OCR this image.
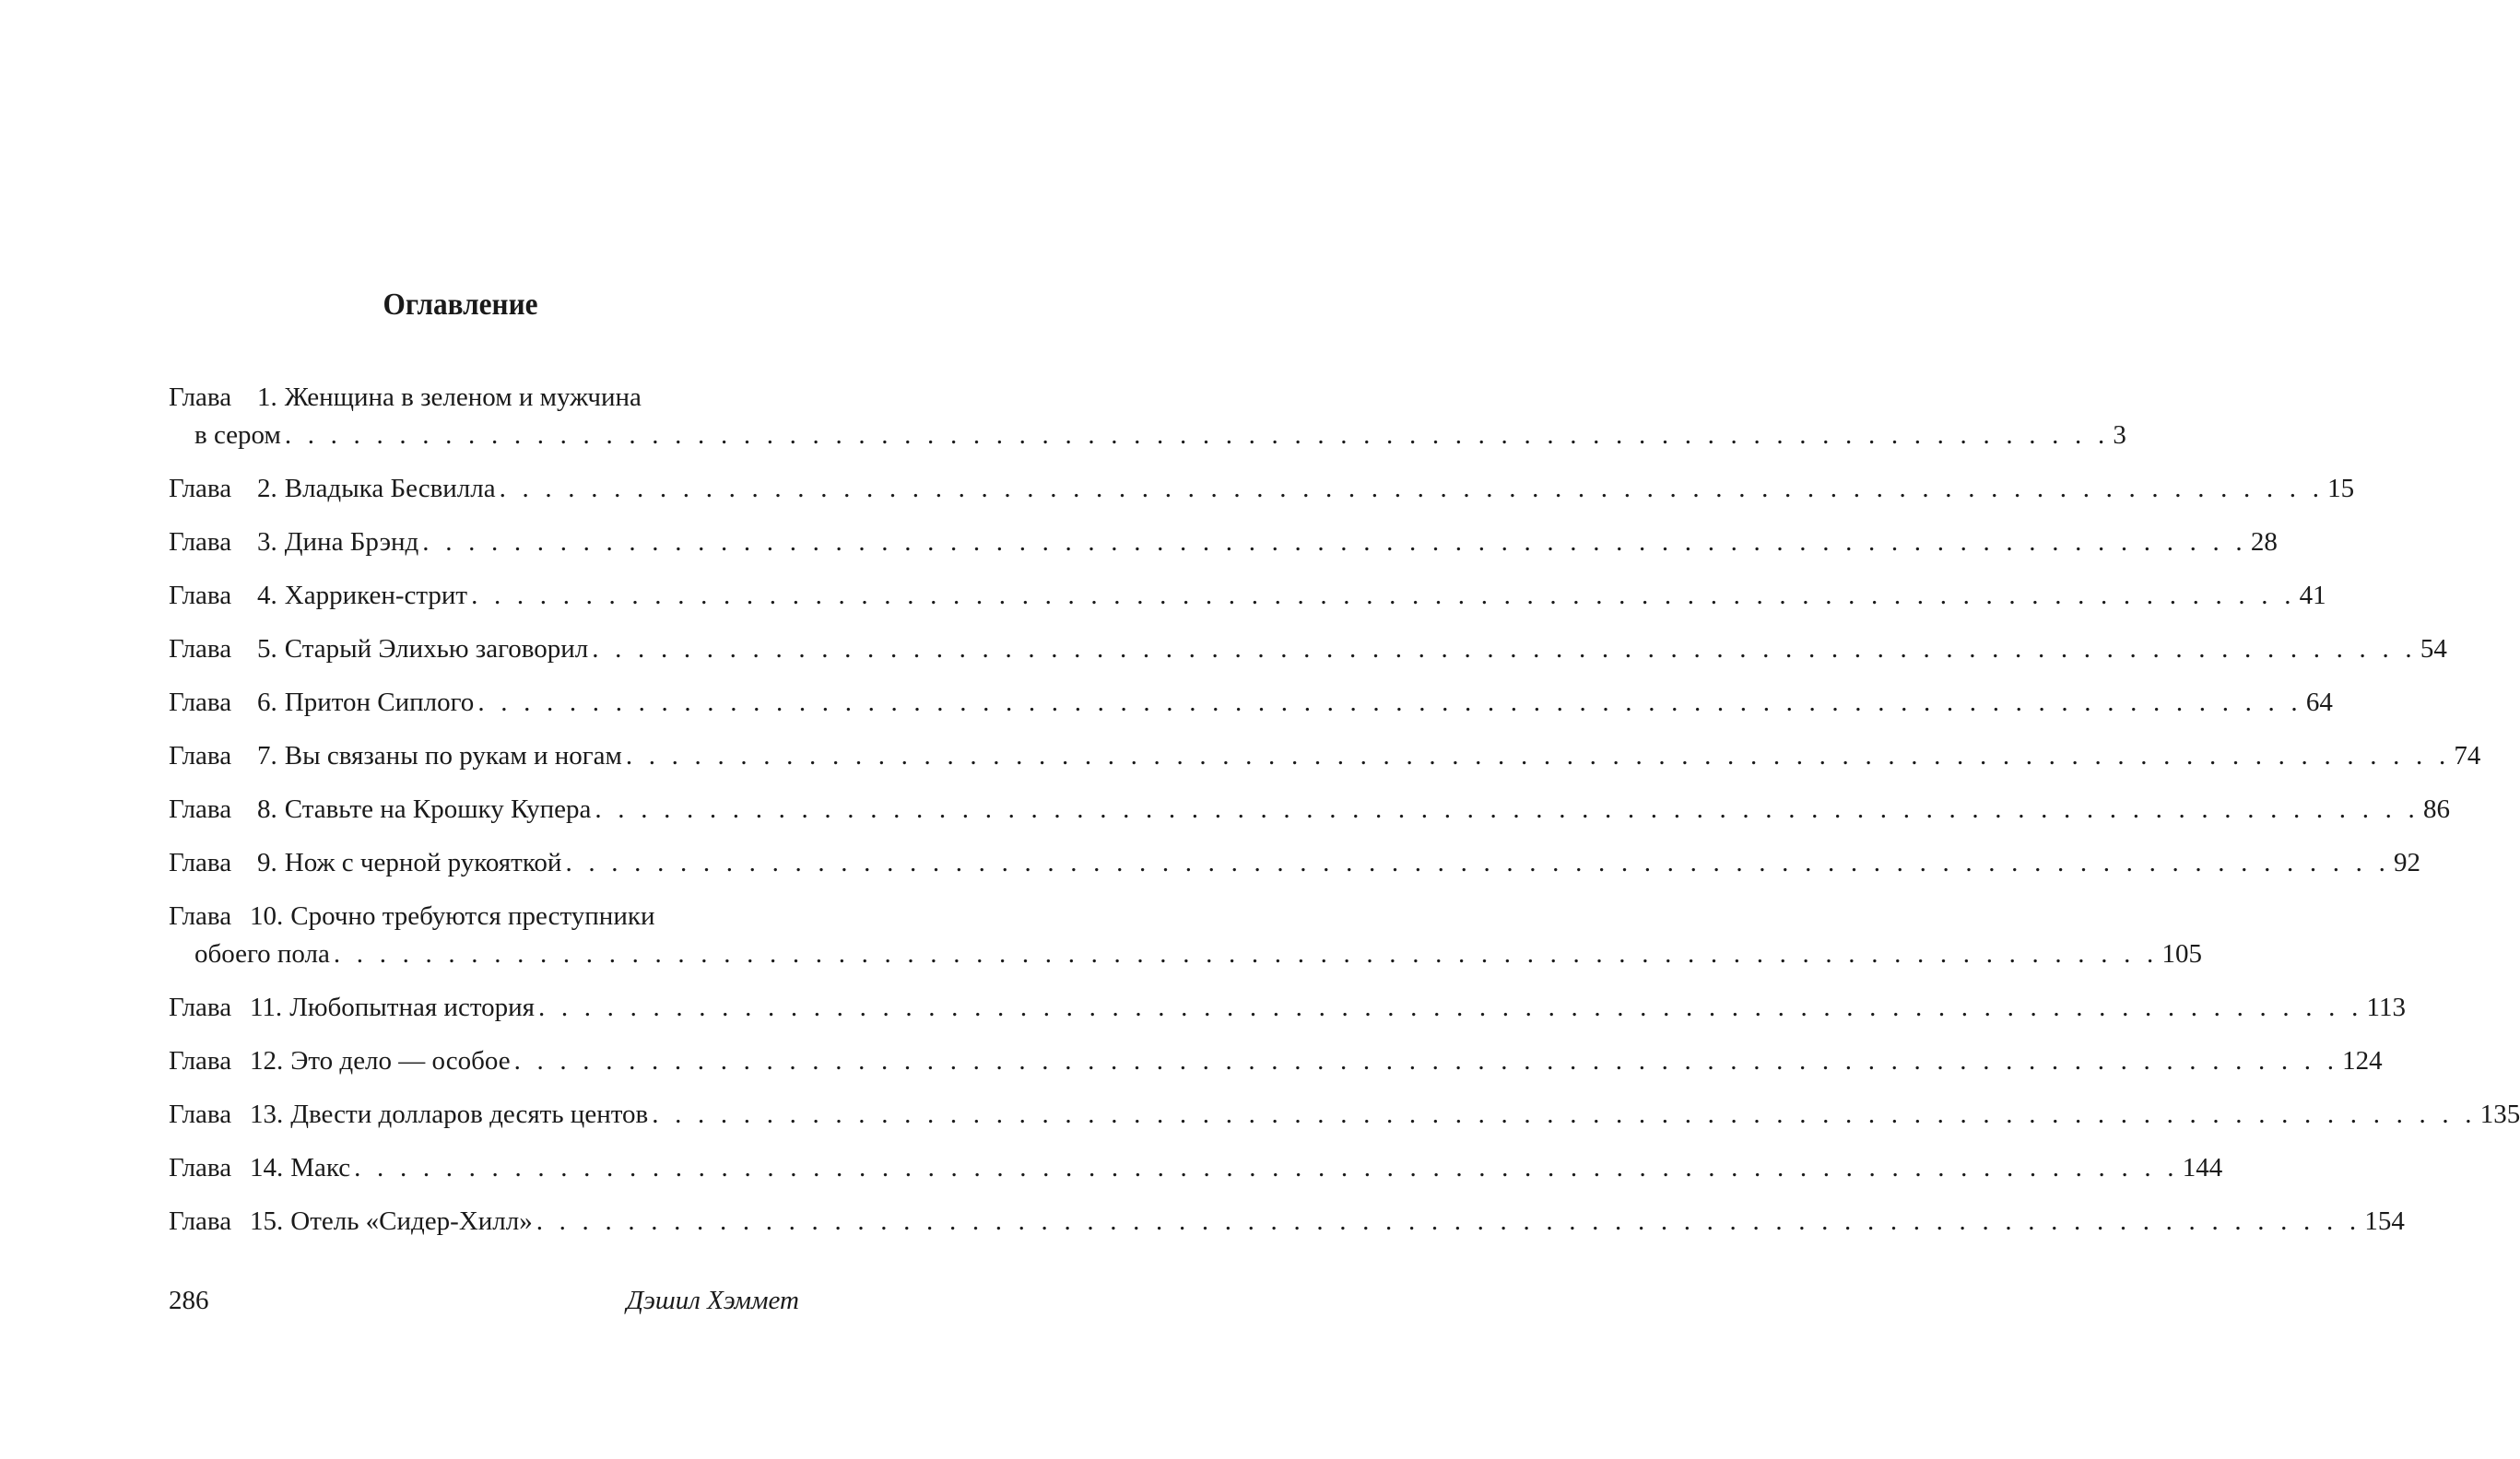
Оглавление
Глава 1. Женщина в зеленом и мужчина
в сером . . . . . . . . . . . . . . . . . . . . . . . . . . . . . . . . . . . . . . . . . . . . . . . . . . . . . . . . . . . . . . . . . . . . . . . . . . . . . . . . 3
Глава 2. Владыка Бесвилла . . . . . . . . . . . . . . . . . . . . . . . . . . . . . . . . . . . . . . . . . . . . . . . . . . . . . . . . . . . . . . . . . . . . . . . . . . . . . . . . 15
Глава 3. Дина Брэнд . . . . . . . . . . . . . . . . . . . . . . . . . . . . . . . . . . . . . . . . . . . . . . . . . . . . . . . . . . . . . . . . . . . . . . . . . . . . . . . . 28
Глава 4. Харрикен-стрит . . . . . . . . . . . . . . . . . . . . . . . . . . . . . . . . . . . . . . . . . . . . . . . . . . . . . . . . . . . . . . . . . . . . . . . . . . . . . . . . 41
Глава 5. Старый Элихью заговорил . . . . . . . . . . . . . . . . . . . . . . . . . . . . . . . . . . . . . . . . . . . . . . . . . . . . . . . . . . . . . . . . . . . . . . . . . . . . . . . . 54
Глава 6. Притон Сиплого . . . . . . . . . . . . . . . . . . . . . . . . . . . . . . . . . . . . . . . . . . . . . . . . . . . . . . . . . . . . . . . . . . . . . . . . . . . . . . . . 64
Глава 7. Вы связаны по рукам и ногам . . . . . . . . . . . . . . . . . . . . . . . . . . . . . . . . . . . . . . . . . . . . . . . . . . . . . . . . . . . . . . . . . . . . . . . . . . . . . . . . 74
Глава 8. Ставьте на Крошку Купера . . . . . . . . . . . . . . . . . . . . . . . . . . . . . . . . . . . . . . . . . . . . . . . . . . . . . . . . . . . . . . . . . . . . . . . . . . . . . . . . 86
Глава 9. Нож с черной рукояткой . . . . . . . . . . . . . . . . . . . . . . . . . . . . . . . . . . . . . . . . . . . . . . . . . . . . . . . . . . . . . . . . . . . . . . . . . . . . . . . . 92
Глава 10. Срочно требуются преступники
обоего пола . . . . . . . . . . . . . . . . . . . . . . . . . . . . . . . . . . . . . . . . . . . . . . . . . . . . . . . . . . . . . . . . . . . . . . . . . . . . . . . . 105
Глава 11. Любопытная история . . . . . . . . . . . . . . . . . . . . . . . . . . . . . . . . . . . . . . . . . . . . . . . . . . . . . . . . . . . . . . . . . . . . . . . . . . . . . . . . 113
Глава 12. Это дело — особое . . . . . . . . . . . . . . . . . . . . . . . . . . . . . . . . . . . . . . . . . . . . . . . . . . . . . . . . . . . . . . . . . . . . . . . . . . . . . . . . 124
Глава 13. Двести долларов десять центов . . . . . . . . . . . . . . . . . . . . . . . . . . . . . . . . . . . . . . . . . . . . . . . . . . . . . . . . . . . . . . . . . . . . . . . . . . . . . . . . 135
Глава 14. Макс . . . . . . . . . . . . . . . . . . . . . . . . . . . . . . . . . . . . . . . . . . . . . . . . . . . . . . . . . . . . . . . . . . . . . . . . . . . . . . . . 144
Глава 15. Отель «Сидер-Хилл» . . . . . . . . . . . . . . . . . . . . . . . . . . . . . . . . . . . . . . . . . . . . . . . . . . . . . . . . . . . . . . . . . . . . . . . . . . . . . . . . 154
286	Дэшил Хэммет
